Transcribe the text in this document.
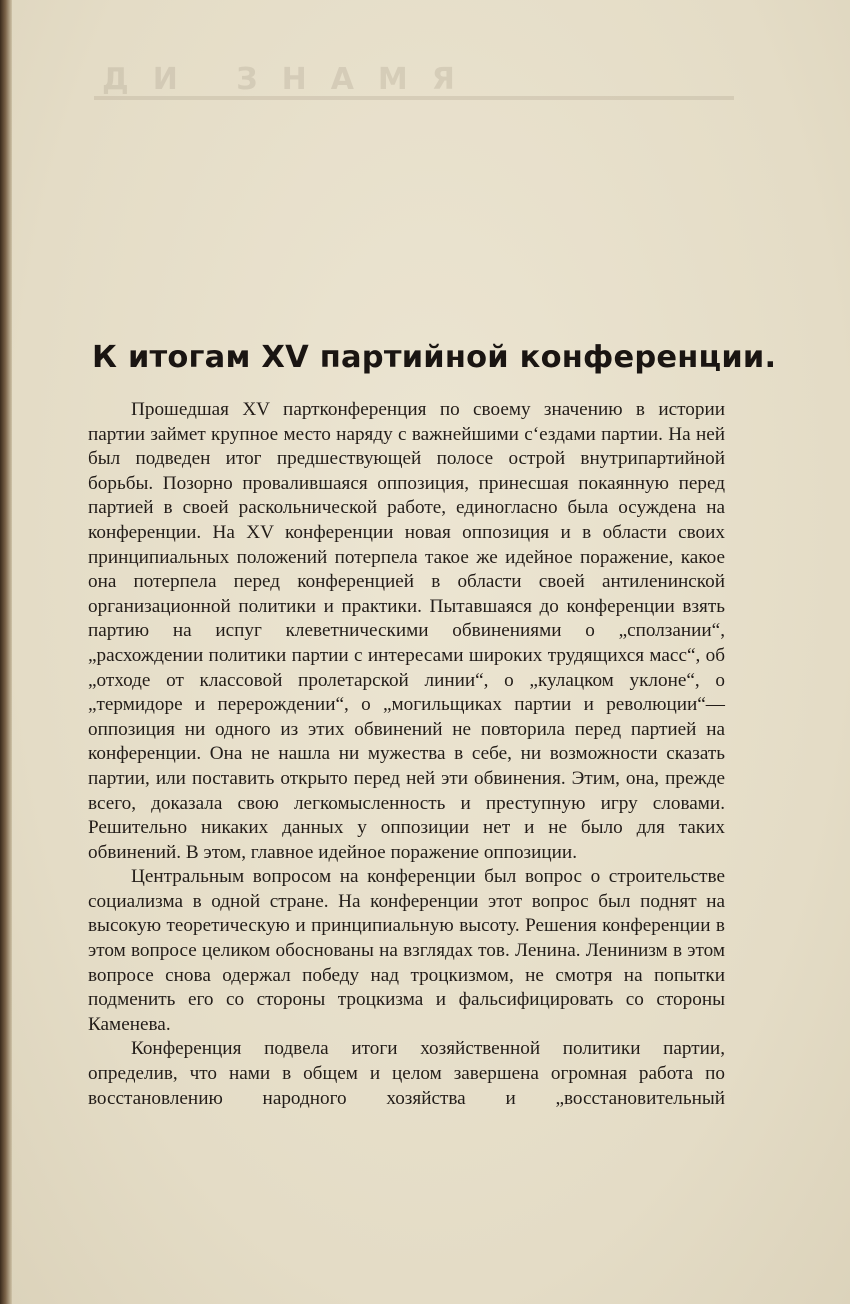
ДИ ЗНАМЯ
К итогам XV партийной конференции.

Прошедшая XV партконференция по своему значению в истории партии займет крупное место наряду с важнейшими с‘ездами партии. На ней был подведен итог предшествующей полосе острой внутрипартийной борьбы. Позорно провалившаяся оппозиция, принесшая покаянную перед партией в своей раскольнической работе, единогласно была осуждена на конференции. На XV конференции новая оппозиция и в области своих принципиальных положений потерпела такое же идейное поражение, какое она потерпела перед конференцией в области своей антиленинской организационной политики и практики. Пытавшаяся до конференции взять партию на испуг клеветническими обвинениями о „сползании“, „расхождении политики партии с интересами широких трудящихся масс“, об „отходе от классовой пролетарской линии“, о „кулацком уклоне“, о „термидоре и перерождении“, о „могильщиках партии и революции“—оппозиция ни одного из этих обвинений не повторила перед партией на конференции. Она не нашла ни мужества в себе, ни возможности сказать партии, или поставить открыто перед ней эти обвинения. Этим, она, прежде всего, доказала свою легкомысленность и преступную игру словами. Решительно никаких данных у оппозиции нет и не было для таких обвинений. В этом, главное идейное поражение оппозиции.

Центральным вопросом на конференции был вопрос о строительстве социализма в одной стране. На конференции этот вопрос был поднят на высокую теоретическую и принципиальную высоту. Решения конференции в этом вопросе целиком обоснованы на взглядах тов. Ленина. Ленинизм в этом вопросе снова одержал победу над троцкизмом, не смотря на попытки подменить его со стороны троцкизма и фальсифицировать со стороны Каменева.

Конференция подвела итоги хозяйственной политики партии, определив, что нами в общем и целом завершена огромная работа по восстановлению народного хозяйства и „восстановительный
